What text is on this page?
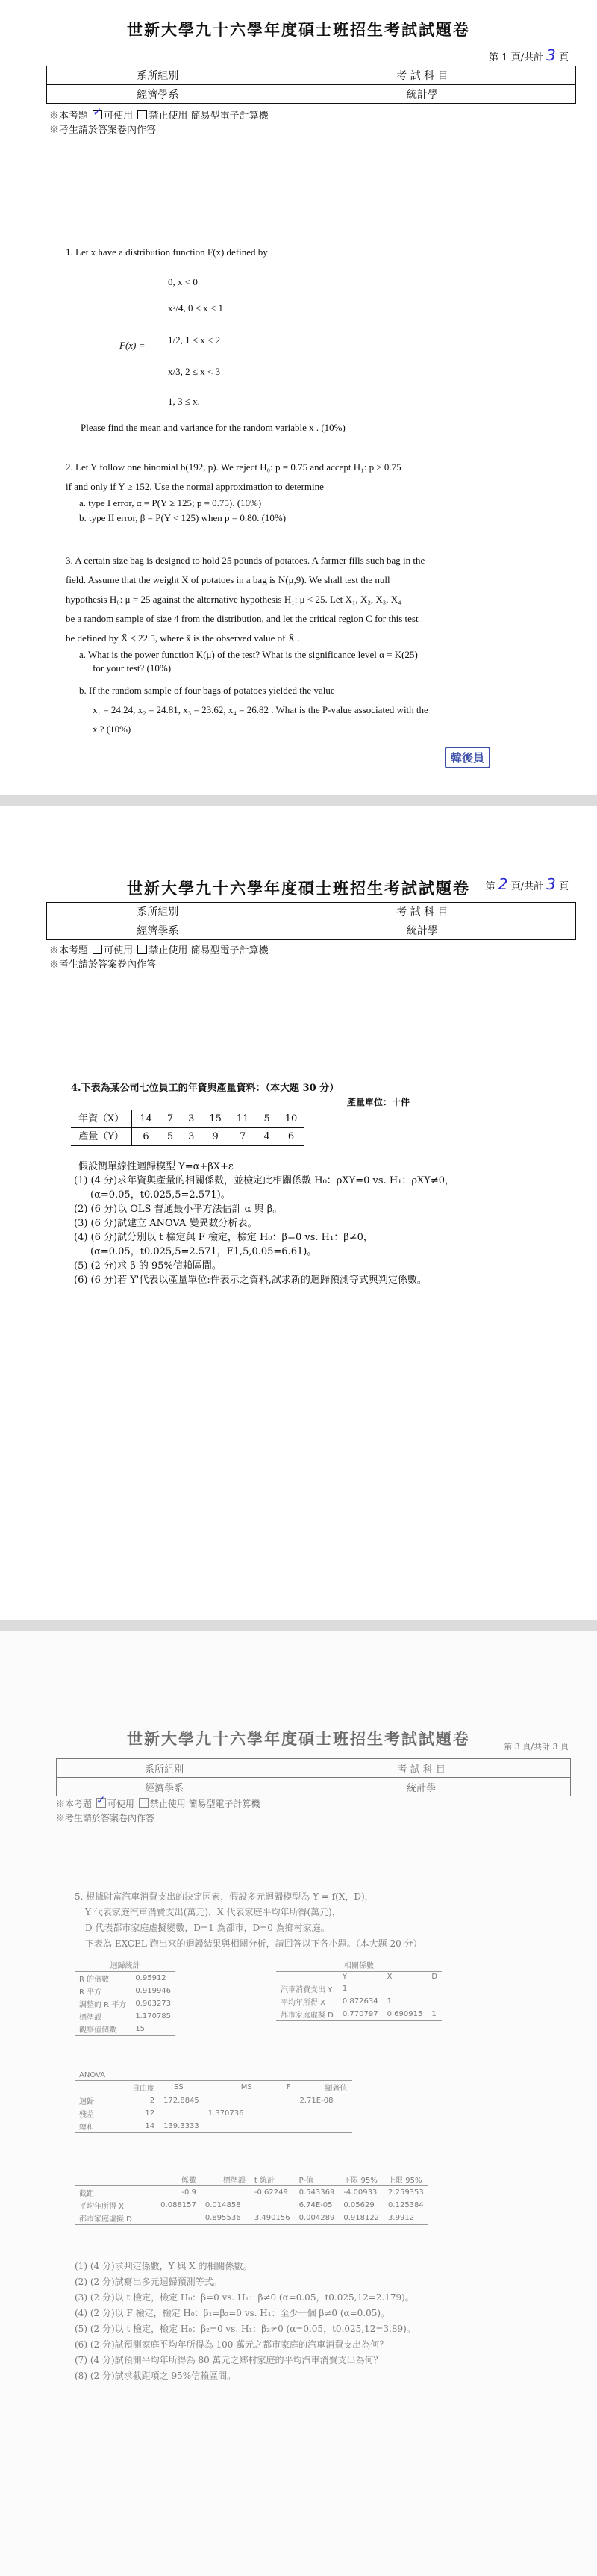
世新大學九十六學年度碩士班招生考試試題卷
第 1 頁/共計 3 頁
系所組別	考 試 科 目
經濟學系	統計學
※本考題 ✓ 可使用 禁止使用 簡易型電子計算機
※考生請於答案卷內作答
1. Let x have a distribution function F(x) defined by
F(x) =
0, x < 0
x²/4, 0 ≤ x < 1
1/2, 1 ≤ x < 2
x/3, 2 ≤ x < 3
1, 3 ≤ x.
Please find the mean and variance for the random variable x . (10%)

2. Let Y follow one binomial b(192, p). We reject H₀: p = 0.75 and accept H₁: p > 0.75

if and only if Y ≥ 152. Use the normal approximation to determine

a. type I error, α = P(Y ≥ 125; p = 0.75). (10%)

b. type II error, β = P(Y < 125) when p = 0.80. (10%)

3. A certain size bag is designed to hold 25 pounds of potatoes. A farmer fills such bag in the

field. Assume that the weight X of potatoes in a bag is N(μ,9). We shall test the null

hypothesis H₀: μ = 25 against the alternative hypothesis H₁: μ < 25. Let X₁, X₂, X₃, X₄

be a random sample of size 4 from the distribution, and let the critical region C for this test

be defined by X̄ ≤ 22.5, where x̄ is the observed value of X̄ .

a. What is the power function K(μ) of the test? What is the significance level α = K(25)

for your test? (10%)

b. If the random sample of four bags of potatoes yielded the value

x₁ = 24.24, x₂ = 24.81, x₃ = 23.62, x₄ = 26.82 . What is the P-value associated with the

x̄ ? (10%)

韓後員
世新大學九十六學年度碩士班招生考試試題卷	第 2 頁/共計 3 頁
系所組別	考 試 科 目
經濟學系	統計學
※本考題 可使用 禁止使用 簡易型電子計算機
※考生請於答案卷內作答
4.下表為某公司七位員工的年資與產量資料：（本大題 30 分）
產量單位：十件
年資（X）	14	7	3	15	11	5	10
產量（Y）	6	5	3	9	7	4	6
假設簡單線性迴歸模型 Y=α+βX+ε
(1) (4 分)求年資與產量的相關係數，並檢定此相關係數 H₀：ρXY=0 vs. H₁：ρXY≠0，
(α=0.05，t0.025,5=2.571)。
(2) (6 分)以 OLS 普通最小平方法估計 α 與 β。
(3) (6 分)試建立 ANOVA 變異數分析表。
(4) (6 分)試分別以 t 檢定與 F 檢定，檢定 H₀：β=0 vs. H₁：β≠0，
(α=0.05，t0.025,5=2.571，F1,5,0.05=6.61)。
(5) (2 分)求 β 的 95%信賴區間。
(6) (6 分)若 Y'代表以產量單位:件表示之資料,試求新的迴歸預測等式與判定係數。
世新大學九十六學年度碩士班招生考試試題卷	第 3 頁/共計 3 頁
系所組別	考 試 科 目
經濟學系	統計學
※本考題 ✓ 可使用 禁止使用 簡易型電子計算機
※考生請於答案卷內作答
5. 根據財富汽車消費支出的決定因素，假設多元迴歸模型為 Y = f(X，D)，
Y 代表家庭汽車消費支出(萬元)，X 代表家庭平均年所得(萬元)，
D 代表都市家庭虛擬變數，D=1 為都市，D=0 為鄉村家庭。
下表為 EXCEL 跑出來的迴歸結果與相關分析，請回答以下各小題。（本大題 20 分）
迴歸統計	
R 的倍數	0.95912
R 平方	0.919946
調整的 R 平方	0.903273
標準誤	1.170785
觀察值個數	15
相關係數			
	Y	X	D
汽車消費支出 Y	1		
平均年所得 X	0.872634	1	
都市家庭虛擬 D	0.770797	0.690915	1
ANOVA					
	自由度	SS	MS	F	顯著值
迴歸	2	172.8845			2.71E-08
殘差	12		1.370736		
總和	14	139.3333			
	係數	標準誤	t 統計	P-值	下限 95%	上限 95%
截距	-0.9		-0.62249	0.543369	-4.00933	2.259353
平均年所得 X	0.088157	0.014858		6.74E-05	0.05629	0.125384
都市家庭虛擬 D		0.895536	3.490156	0.004289	0.918122	3.9912
(1) (4 分)求判定係數，Y 與 X 的相關係數。
(2) (2 分)試寫出多元迴歸預測等式。
(3) (2 分)以 t 檢定，檢定 H₀：β=0 vs. H₁：β≠0 (α=0.05，t0.025,12=2.179)。
(4) (2 分)以 F 檢定，檢定 H₀：β₁=β₂=0 vs. H₁：至少一個 β≠0 (α=0.05)。
(5) (2 分)以 t 檢定，檢定 H₀：β₂=0 vs. H₁：β₂≠0 (α=0.05，t0.025,12=3.89)。
(6) (2 分)試預測家庭平均年所得為 100 萬元之都市家庭的汽車消費支出為何？
(7) (4 分)試預測平均年所得為 80 萬元之鄉村家庭的平均汽車消費支出為何？
(8) (2 分)試求截距項之 95%信賴區間。
